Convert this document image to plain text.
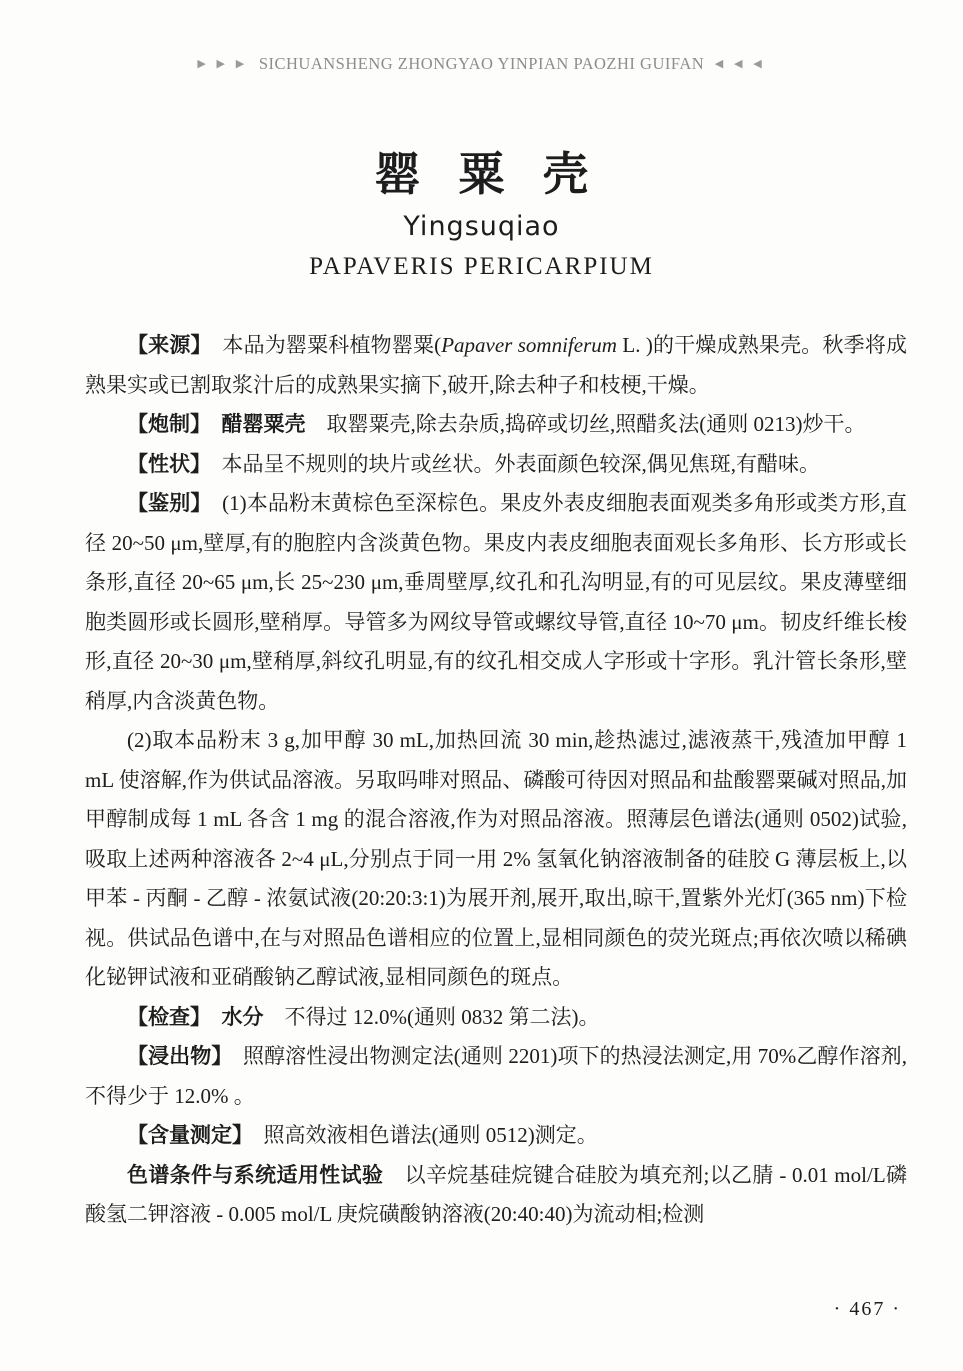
▶ ▶ ▶ SICHUANSHENG ZHONGYAO YINPIAN PAOZHI GUIFAN ◀ ◀ ◀
罂粟壳
Yingsuqiao
PAPAVERIS PERICARPIUM

【来源】　本品为罂粟科植物罂粟(Papaver somniferum L. )的干燥成熟果壳。秋季将成熟果实或已割取浆汁后的成熟果实摘下,破开,除去种子和枝梗,干燥。

【炮制】　醋罂粟壳　取罂粟壳,除去杂质,捣碎或切丝,照醋炙法(通则 0213)炒干。

【性状】　本品呈不规则的块片或丝状。外表面颜色较深,偶见焦斑,有醋味。

【鉴别】　(1)本品粉末黄棕色至深棕色。果皮外表皮细胞表面观类多角形或类方形,直径 20~50 μm,壁厚,有的胞腔内含淡黄色物。果皮内表皮细胞表面观长多角形、长方形或长条形,直径 20~65 μm,长 25~230 μm,垂周壁厚,纹孔和孔沟明显,有的可见层纹。果皮薄壁细胞类圆形或长圆形,壁稍厚。导管多为网纹导管或螺纹导管,直径 10~70 μm。韧皮纤维长梭形,直径 20~30 μm,壁稍厚,斜纹孔明显,有的纹孔相交成人字形或十字形。乳汁管长条形,壁稍厚,内含淡黄色物。

(2)取本品粉末 3 g,加甲醇 30 mL,加热回流 30 min,趁热滤过,滤液蒸干,残渣加甲醇 1 mL 使溶解,作为供试品溶液。另取吗啡对照品、磷酸可待因对照品和盐酸罂粟碱对照品,加甲醇制成每 1 mL 各含 1 mg 的混合溶液,作为对照品溶液。照薄层色谱法(通则 0502)试验,吸取上述两种溶液各 2~4 μL,分别点于同一用 2% 氢氧化钠溶液制备的硅胶 G 薄层板上,以甲苯 - 丙酮 - 乙醇 - 浓氨试液(20:20:3:1)为展开剂,展开,取出,晾干,置紫外光灯(365 nm)下检视。供试品色谱中,在与对照品色谱相应的位置上,显相同颜色的荧光斑点;再依次喷以稀碘化铋钾试液和亚硝酸钠乙醇试液,显相同颜色的斑点。

【检查】　水分　不得过 12.0%(通则 0832 第二法)。

【浸出物】　照醇溶性浸出物测定法(通则 2201)项下的热浸法测定,用 70%乙醇作溶剂,不得少于 12.0% 。

【含量测定】　照高效液相色谱法(通则 0512)测定。

色谱条件与系统适用性试验　以辛烷基硅烷键合硅胶为填充剂;以乙腈 - 0.01 mol/L磷酸氢二钾溶液 - 0.005 mol/L 庚烷磺酸钠溶液(20:40:40)为流动相;检测

· 467 ·
